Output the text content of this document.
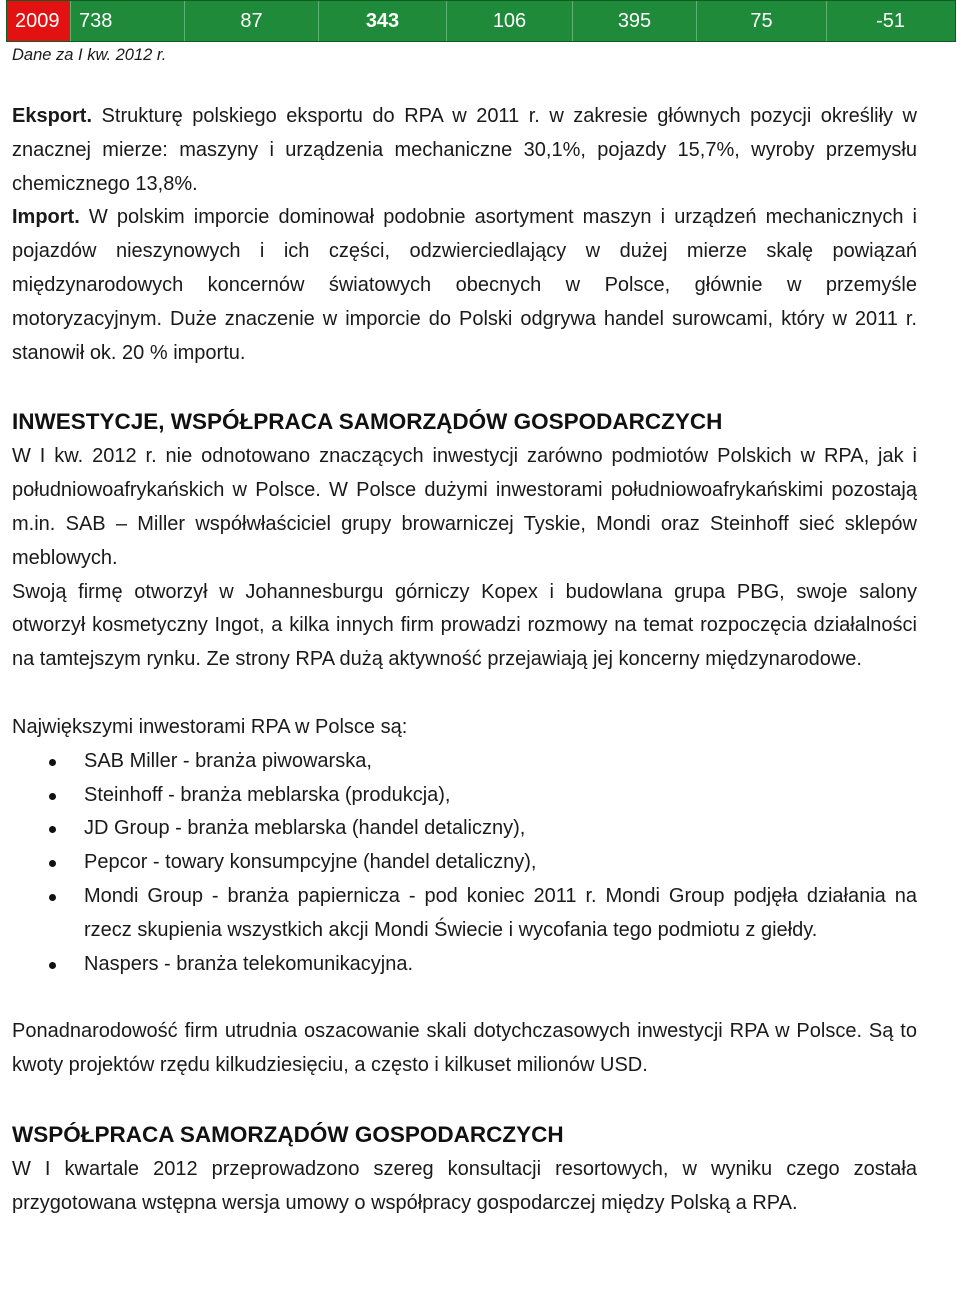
2009 738	87	343	106	395	75	-51

Dane za I kw. 2012 r.

Eksport. Strukturę polskiego eksportu do RPA w 2011 r. w zakresie głównych pozycji określiły w znacznej mierze: maszyny i urządzenia mechaniczne 30,1%, pojazdy 15,7%, wyroby przemysłu chemicznego 13,8%.

Import. W polskim imporcie dominował podobnie asortyment maszyn i urządzeń mechanicznych i pojazdów nieszynowych i ich części, odzwierciedlający w dużej mierze skalę powiązań międzynarodowych koncernów światowych obecnych w Polsce, głównie w przemyśle motoryzacyjnym. Duże znaczenie w imporcie do Polski odgrywa handel surowcami, który w 2011 r. stanowił ok. 20 % importu.

INWESTYCJE, WSPÓŁPRACA SAMORZĄDÓW GOSPODARCZYCH

W I kw. 2012 r. nie odnotowano znaczących inwestycji zarówno podmiotów Polskich w RPA, jak i południowoafrykańskich w Polsce. W Polsce dużymi inwestorami południowoafrykańskimi pozostają m.in. SAB – Miller współwłaściciel grupy browarniczej Tyskie, Mondi oraz Steinhoff sieć sklepów meblowych.

Swoją firmę otworzył w Johannesburgu górniczy Kopex i budowlana grupa PBG, swoje salony otworzył kosmetyczny Ingot, a kilka innych firm prowadzi rozmowy na temat rozpoczęcia działalności na tamtejszym rynku. Ze strony RPA dużą aktywność przejawiają jej koncerny międzynarodowe.

Największymi inwestorami RPA w Polsce są:

SAB Miller - branża piwowarska,
Steinhoff - branża meblarska (produkcja),
JD Group - branża meblarska (handel detaliczny),
Pepcor - towary konsumpcyjne (handel detaliczny),
Mondi Group - branża papiernicza - pod koniec 2011 r. Mondi Group podjęła działania na rzecz skupienia wszystkich akcji Mondi Świecie i wycofania tego podmiotu z giełdy.
Naspers - branża telekomunikacyjna.

Ponadnarodowość firm utrudnia oszacowanie skali dotychczasowych inwestycji RPA w Polsce. Są to kwoty projektów rzędu kilkudziesięciu, a często i kilkuset milionów USD.

WSPÓŁPRACA SAMORZĄDÓW GOSPODARCZYCH

W I kwartale 2012 przeprowadzono szereg konsultacji resortowych, w wyniku czego została przygotowana wstępna wersja umowy o współpracy gospodarczej między Polską a RPA.
